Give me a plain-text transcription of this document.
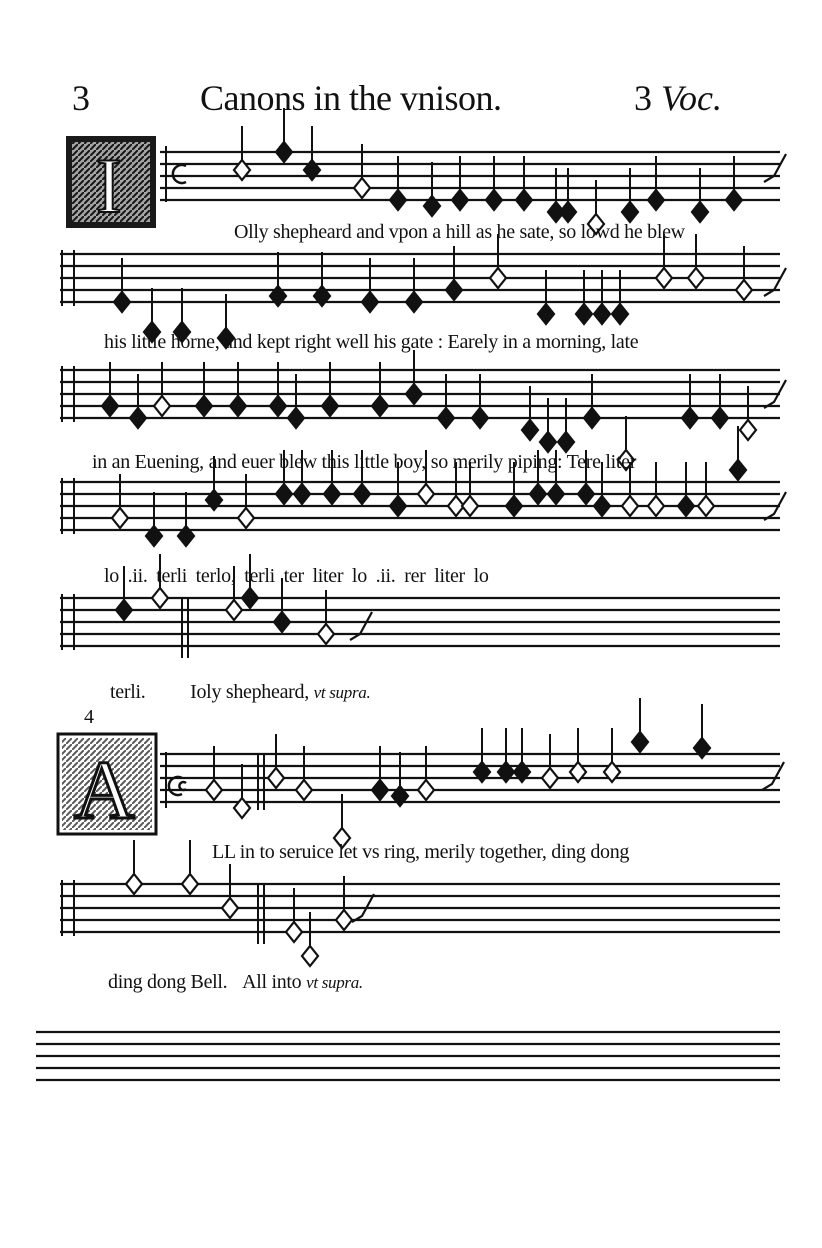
3	Canons in the vnison.	3 Voc.
I
A
Olly shepheard and vpon a hill as he sate, so lowd he blew
his little horne, and kept right well his gate : Earely in a morning, late
in an Euening, and euer blew this little boy, so merily piping: Tere liter
lo .ii. terli terlo, terli ter liter lo .ii. rer liter lo
terli. Ioly shepheard, vt supra.
4
LL in to seruice let vs ring, merily together, ding dong
ding dong Bell. All into vt supra.
